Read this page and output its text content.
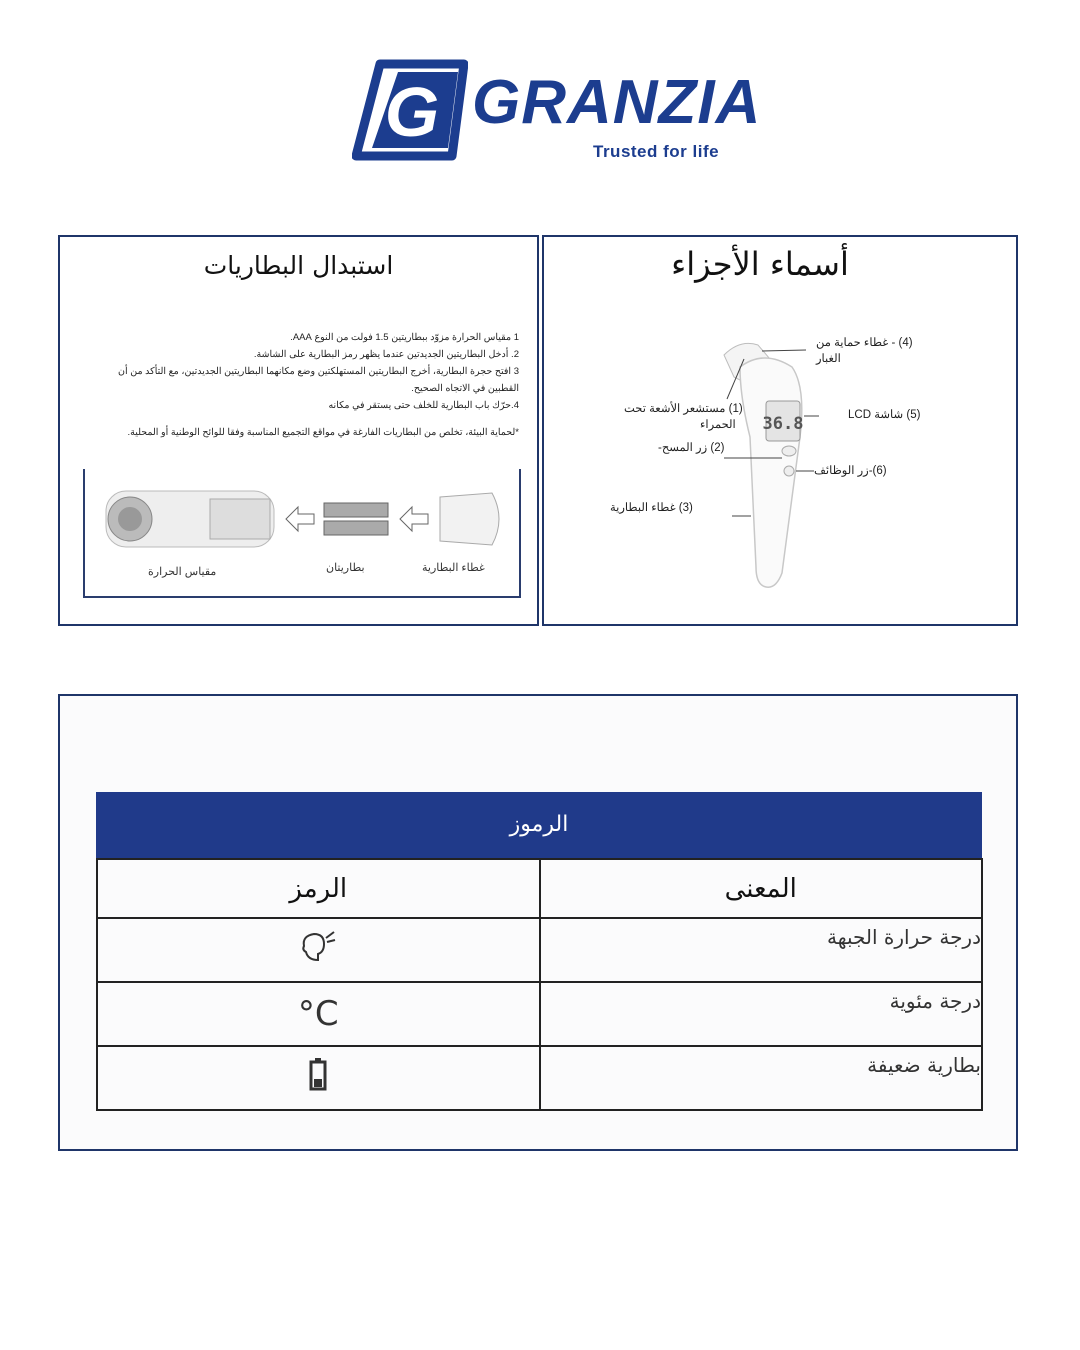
G GRANZIA
Trusted for life
استبدال البطاريات
1 مقياس الحرارة مزوّد ببطاريتين 1.5 فولت من النوع AAA.
2. أدخل البطاريتين الجديدتين عندما يظهر رمز البطارية على الشاشة.
3 افتح حجرة البطارية، أخرج البطاريتين المستهلكتين وضع مكانهما البطاريتين الجديدتين، مع التأكد من أن القطبين في الاتجاه الصحيح.
4.حرّك باب البطارية للخلف حتى يستقر في مكانه
*لحماية البيئة، تخلص من البطاريات الفارغة في مواقع التجميع المناسبة وفقا للوائح الوطنية أو المحلية.
مقياس الحرارة	بطاريتان	غطاء البطارية
أسماء الأجزاء
36.8
(4) - غطاء حماية من
الغبار
(5) شاشة LCD
(1) مستشعر الأشعة تحت
الحمراء
(2) زر المسح-
(6)-زر الوظائف
(3) غطاء البطارية
الرموز
الرمز	المعنى
	درجة حرارة الجبهة
°C	درجة مئوية
	بطارية ضعيفة
